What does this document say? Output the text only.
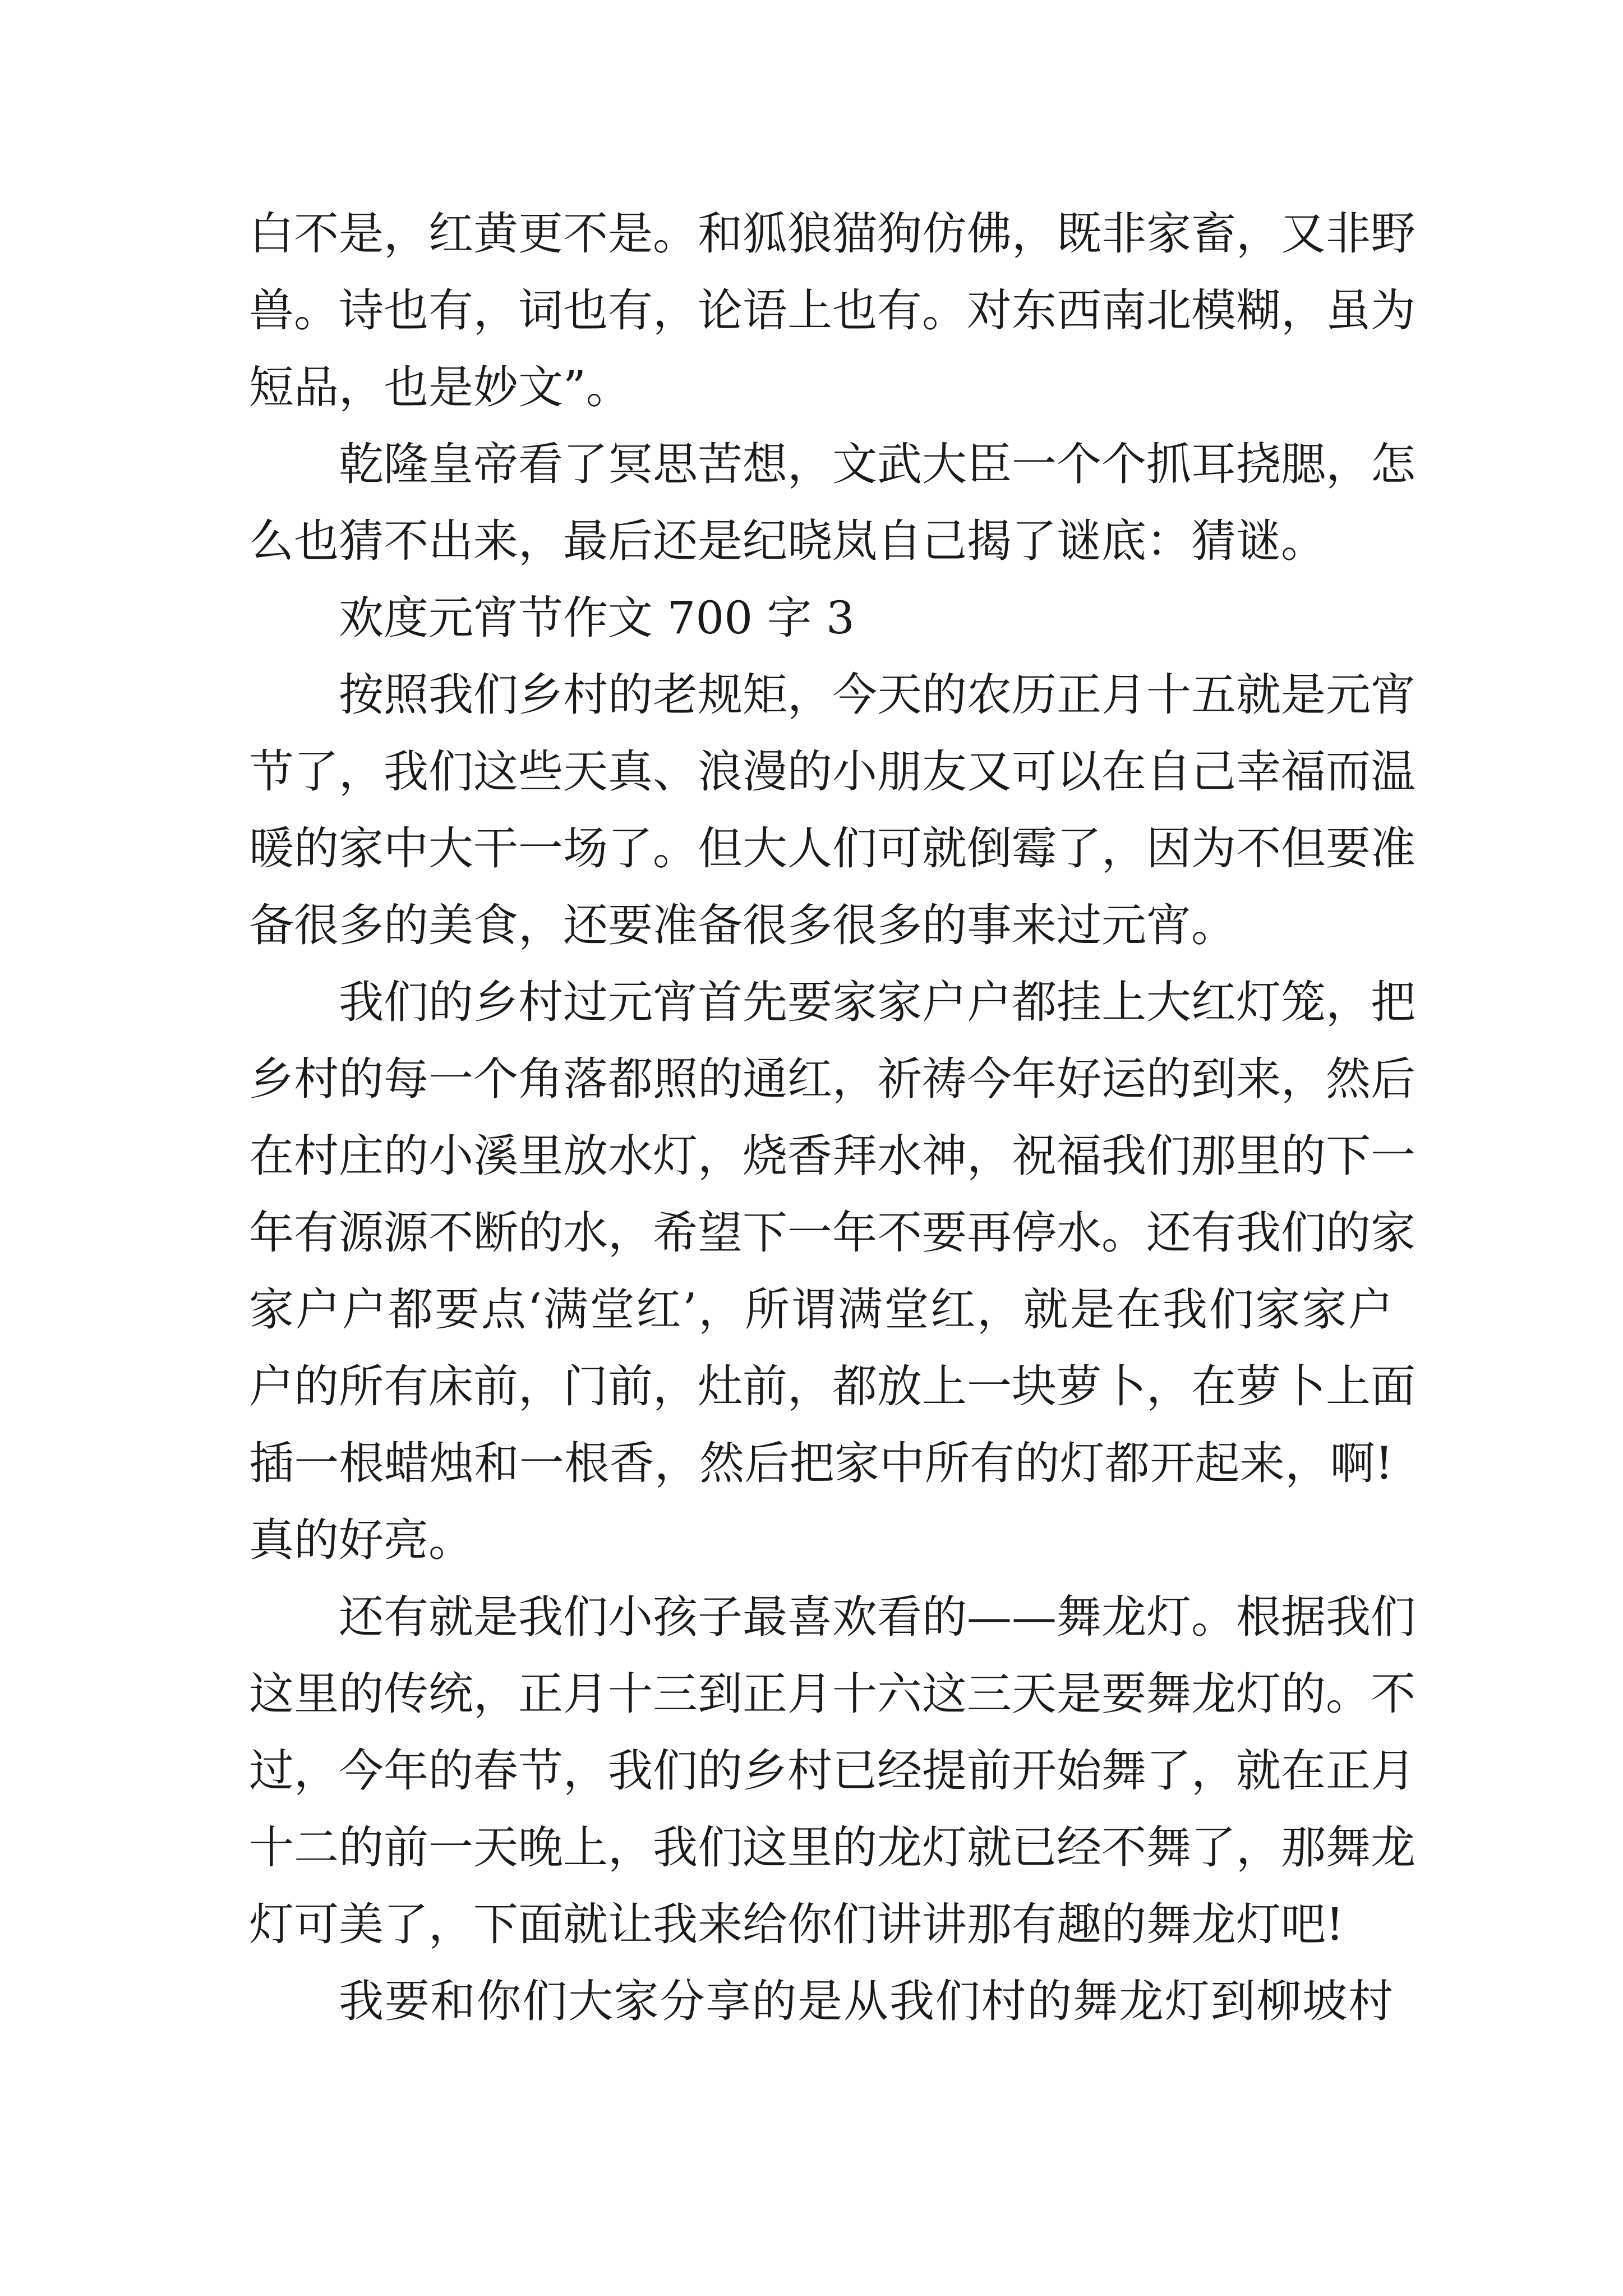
白不是，红黄更不是。和狐狼猫狗仿佛，既非家畜，又非野
兽。诗也有，词也有，论语上也有。对东西南北模糊，虽为
短品，也是妙文”。
乾隆皇帝看了冥思苦想，文武大臣一个个抓耳挠腮，怎
么也猜不出来，最后还是纪晓岚自己揭了谜底：猜谜。
欢度元宵节作文 700 字 3
按照我们乡村的老规矩，今天的农历正月十五就是元宵
节了，我们这些天真、浪漫的小朋友又可以在自己幸福而温
暖的家中大干一场了。但大人们可就倒霉了，因为不但要准
备很多的美食，还要准备很多很多的事来过元宵。
我们的乡村过元宵首先要家家户户都挂上大红灯笼，把
乡村的每一个角落都照的通红，祈祷今年好运的到来，然后
在村庄的小溪里放水灯，烧香拜水神，祝福我们那里的下一
年有源源不断的水，希望下一年不要再停水。还有我们的家
家户户都要点‘满堂红’，所谓满堂红，就是在我们家家户
户的所有床前，门前，灶前，都放上一块萝卜，在萝卜上面
插一根蜡烛和一根香，然后把家中所有的灯都开起来，啊!
真的好亮。
还有就是我们小孩子最喜欢看的——舞龙灯。根据我们
这里的传统，正月十三到正月十六这三天是要舞龙灯的。不
过，今年的春节，我们的乡村已经提前开始舞了，就在正月
十二的前一天晚上，我们这里的龙灯就已经不舞了，那舞龙
灯可美了，下面就让我来给你们讲讲那有趣的舞龙灯吧!
我要和你们大家分享的是从我们村的舞龙灯到柳坡村
